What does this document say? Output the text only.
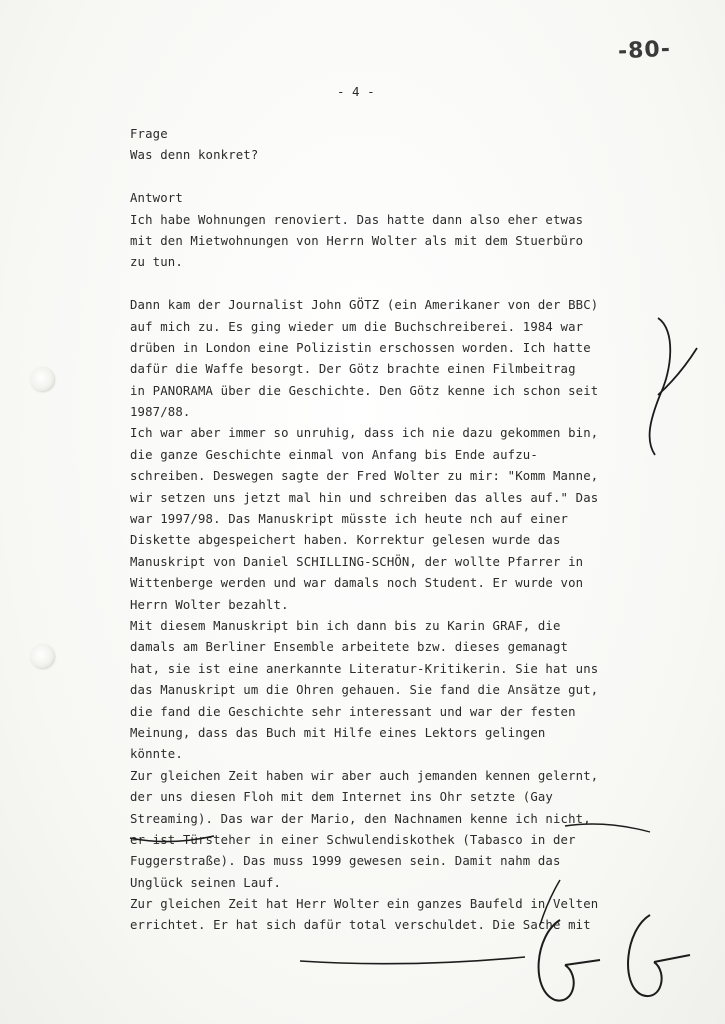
-80-
- 4 -
Frage
Was denn konkret?
Antwort
Ich habe Wohnungen renoviert. Das hatte dann also eher etwas
mit den Mietwohnungen von Herrn Wolter als mit dem Stuerbüro
zu tun.
Dann kam der Journalist John GÖTZ (ein Amerikaner von der BBC)
auf mich zu. Es ging wieder um die Buchschreiberei. 1984 war
drüben in London eine Polizistin erschossen worden. Ich hatte
dafür die Waffe besorgt. Der Götz brachte einen Filmbeitrag
in PANORAMA über die Geschichte. Den Götz kenne ich schon seit
1987/88.
Ich war aber immer so unruhig, dass ich nie dazu gekommen bin,
die ganze Geschichte einmal von Anfang bis Ende aufzu-
schreiben. Deswegen sagte der Fred Wolter zu mir: "Komm Manne,
wir setzen uns jetzt mal hin und schreiben das alles auf." Das
war 1997/98. Das Manuskript müsste ich heute nch auf einer
Diskette abgespeichert haben. Korrektur gelesen wurde das
Manuskript von Daniel SCHILLING-SCHÖN, der wollte Pfarrer in
Wittenberge werden und war damals noch Student. Er wurde von
Herrn Wolter bezahlt.
Mit diesem Manuskript bin ich dann bis zu Karin GRAF, die
damals am Berliner Ensemble arbeitete bzw. dieses gemanagt
hat, sie ist eine anerkannte Literatur-Kritikerin. Sie hat uns
das Manuskript um die Ohren gehauen. Sie fand die Ansätze gut,
die fand die Geschichte sehr interessant und war der festen
Meinung, dass das Buch mit Hilfe eines Lektors gelingen
könnte.
Zur gleichen Zeit haben wir aber auch jemanden kennen gelernt,
der uns diesen Floh mit dem Internet ins Ohr setzte (Gay
Streaming). Das war der Mario, den Nachnamen kenne ich nicht,
er ist Türsteher in einer Schwulendiskothek (Tabasco in der
Fuggerstraße). Das muss 1999 gewesen sein. Damit nahm das
Unglück seinen Lauf.
Zur gleichen Zeit hat Herr Wolter ein ganzes Baufeld in Velten
errichtet. Er hat sich dafür total verschuldet. Die Sache mit
